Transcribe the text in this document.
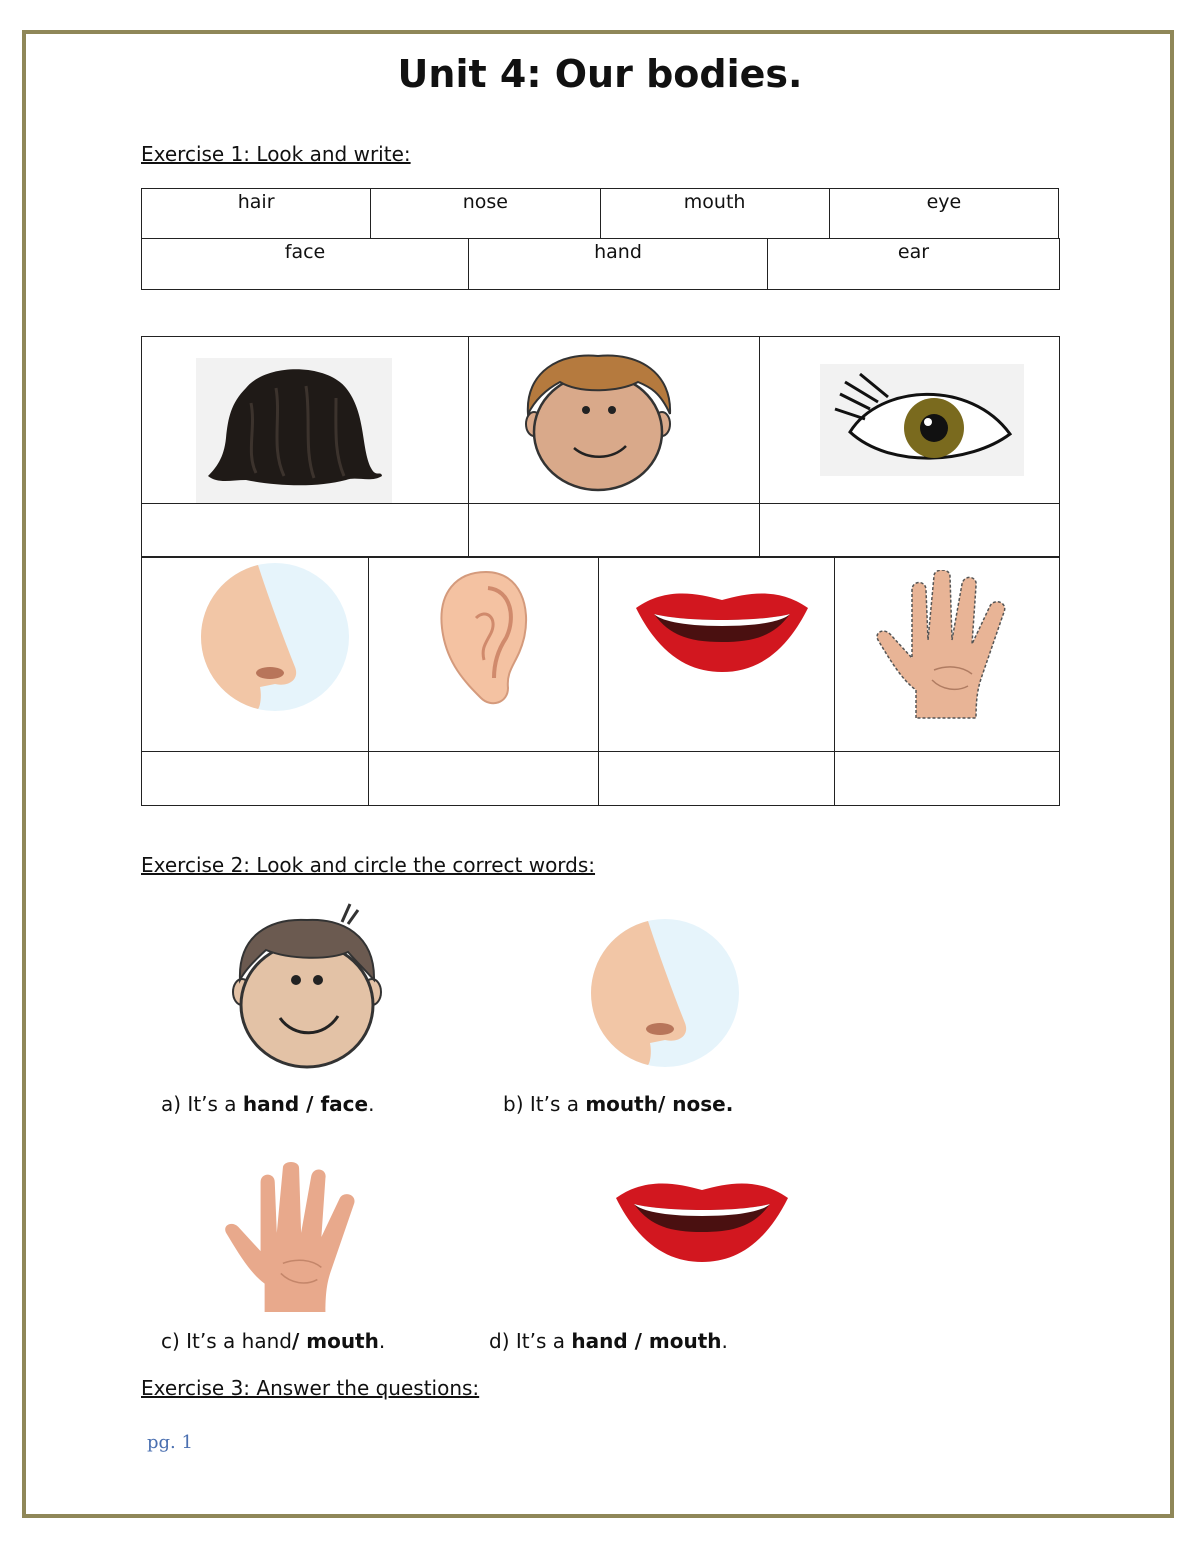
Unit 4: Our bodies.
Exercise 1: Look and write:
hair	nose	mouth	eye
face	hand	ear

Exercise 2: Look and circle the correct words:
a) It’s a hand / face.	b) It’s a mouth/ nose.
c) It’s a hand/ mouth.	d) It’s a hand / mouth.
Exercise 3: Answer the questions:
pg. 1
